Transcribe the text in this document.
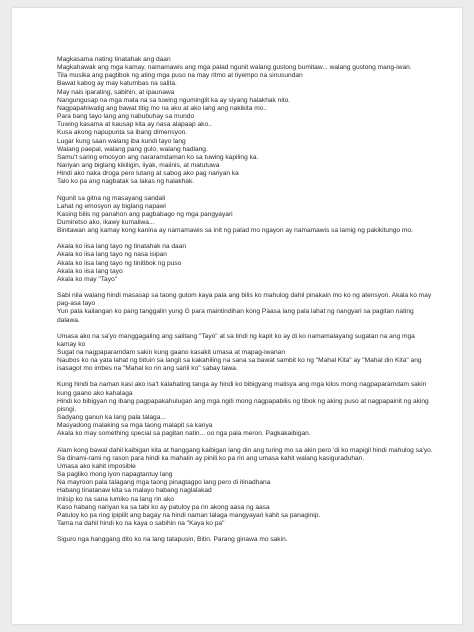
Magkasama nating tinatahak ang daan

Magkahawak ang mga kamay, namamawis ang mga palad ngunit walang gustong bumitaw... walang gustong mang-iwan.

Tila musika ang pagtibok ng ating mga puso na may ritmo at tiyempo na sinusundan

Bawat kabog ay may katumbas na salita.

May nais iparating, sabihin, at ipaunawa

Nangungusap na mga mata na sa tuwing nguminglit ka ay siyang halakhak nito.

Nagpapahiwatig ang bawat titig mo na ako at ako lang ang nakikita mo..

Para bang tayo lang ang nabubuhay sa mundo

Tuwing kasama at kausap kita ay nasa alapaap ako..

Kusa akong napupunta sa ibang dimensyon.

Lugar kung saan walang iba kundi tayo lang

Walang paepal, walang pang gulo, walang hadlang.

Samu't saring emosyon ang nararamdaman ko sa tuwing kapiling ka.

Nariyan ang biglang kikiligin, iiyak, maiinis, at matutuwa

Hindi ako naka droga pero lutang at sabog ako pag nariyan ka

Talo ko pa ang nagbatak sa lakas ng halakhak.

Ngunit sa gitna ng masayang sandali

Lahat ng emosyon ay biglang napawi

Kasing bilis ng panahon ang pagbabago ng mga pangyayari

Dumiretso ako, ikawy kumaliwa...

Binitawan ang kamay kong kanina ay namamawis sa init ng palad mo ngayon ay namamawis sa lamig ng pakikitungo mo.

Akala ko iisa lang tayo ng tinatahak na daan

Akala ko iisa lang tayo ng nasa isipan

Akala ko iisa lang tayo ng tinitibok ng puso

Akala ko iisa lang tayo

Akala ko may "Tayo"

Sabi nila walang hindi masasaр sa taong gutom kaya pala ang bilis ko mahulog dahil pinakain mo ko ng atensyon. Akala ko may pag-asa tayo

Yun pala kailangan ko pang tanggalin yung G para maintindihan kong Paasa lang pala lahat ng nangyari sa pagitan nating dalawa.

Umasa ako na sa'yo manggagaling ang salitang "Tayo" at sa tindi ng kapit ko ay di ko namamalayang sugatan na ang mga kamay ko

Sugat na nagpaparamdam sakin kung gaano kasakit umasa at mapag-iwanan

Naubos ko na yata lahat ng bituin sa langit sa kakahiling na sana sa bawat sambit ko ng "Mahal Kita" ay "Mahal din Kita" ang isasagot mo imbes na "Mahal ko rin ang sarili ko" sabay tawa.

Kung hindi ba naman kasi ako isa't kalahating tanga ay hindi ko bibigyang malisya ang mga kilos mong nagpaparamdam sakin kung gaano ako kahalaga

Hindi ko bibigyan ng ibang pagpapakahulugan ang mga ngiti mong nagpapabilis ng tibok ng aking puso at nagpapainit ng aking pisngi.

Sadyang ganun ka lang pala talaga...

Masyadong malaking sa mga taong malapit sa kanya

Akala ko may something special sa pagitan natin... oo nga pala meron. Pagkakaibigan.

Alam kong bawal dahil kaibigan kita at hanggang kaibigan lang din ang turing mo sa akin pero 'di ko mapigil hindi mahulog sa'yo.

Sa dinami-rami ng rason para hindi ka mahalin ay pinili ko pa rin ang umasa kahit walang kasiguraduhan.

Umasa ako kahit imposible

Sa pagliko mong iyon napagtantuy lang

Na mayroon pala talagang mga taong pinagtagpo lang pero di itinadhana

Habang tinatanaw kita sa malayo habang naglalakad

Iniisip ko na sana lumiko na lang rin ako

Kaso habang nariyan ka sa tabi ko ay patuloy pa rin akong aasa ng aasa

Patuloy ko pa ring ipipilit ang bagay na hindi naman talaga mangyayari kahit sa panaginip.

Tama na dahil hindi ko na kaya o sabihin na "Kaya ko pa"

Siguro nga hanggang dito ko na lang tatapusin, Bitin. Parang ginawa mo sakin.
